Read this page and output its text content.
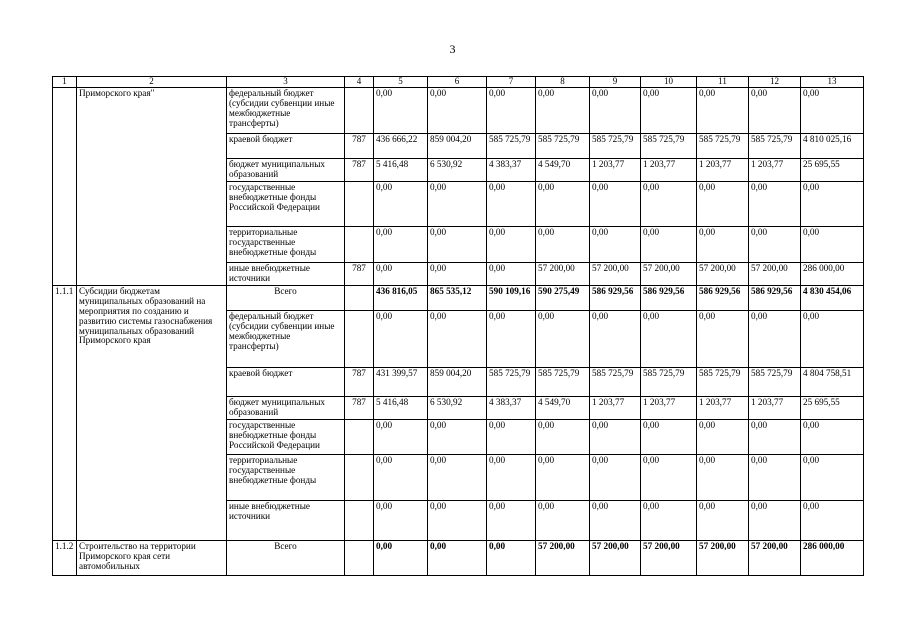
3
1	2	3	4	5	6	7	8	9	10	11	12	13
	Приморского края"	федеральный бюджет (субсидии субвенции иные межбюджетные трансферты)		0,00	0,00	0,00	0,00	0,00	0,00	0,00	0,00	0,00
		краевой бюджет	787	436 666,22	859 004,20	585 725,79	585 725,79	585 725,79	585 725,79	585 725,79	585 725,79	4 810 025,16
		бюджет муниципальных образований	787	5 416,48	6 530,92	4 383,37	4 549,70	1 203,77	1 203,77	1 203,77	1 203,77	25 695,55
		государственные внебюджетные фонды Российской Федерации		0,00	0,00	0,00	0,00	0,00	0,00	0,00	0,00	0,00
		территориальные государственные внебюджетные фонды		0,00	0,00	0,00	0,00	0,00	0,00	0,00	0,00	0,00
		иные внебюджетные источники	787	0,00	0,00	0,00	57 200,00	57 200,00	57 200,00	57 200,00	57 200,00	286 000,00
1.1.1	Субсидии бюджетам муниципальных образований на мероприятия по созданию и развитию системы газоснабжения муниципальных образований Приморского края	Всего		436 816,05	865 535,12	590 109,16	590 275,49	586 929,56	586 929,56	586 929,56	586 929,56	4 830 454,06
		федеральный бюджет (субсидии субвенции иные межбюджетные трансферты)		0,00	0,00	0,00	0,00	0,00	0,00	0,00	0,00	0,00
		краевой бюджет	787	431 399,57	859 004,20	585 725,79	585 725,79	585 725,79	585 725,79	585 725,79	585 725,79	4 804 758,51
		бюджет муниципальных образований	787	5 416,48	6 530,92	4 383,37	4 549,70	1 203,77	1 203,77	1 203,77	1 203,77	25 695,55
		государственные внебюджетные фонды Российской Федерации		0,00	0,00	0,00	0,00	0,00	0,00	0,00	0,00	0,00
		территориальные государственные внебюджетные фонды		0,00	0,00	0,00	0,00	0,00	0,00	0,00	0,00	0,00
		иные внебюджетные источники		0,00	0,00	0,00	0,00	0,00	0,00	0,00	0,00	0,00
1.1.2	Строительство на территории Приморского края сети автомобильных	Всего		0,00	0,00	0,00	57 200,00	57 200,00	57 200,00	57 200,00	57 200,00	286 000,00
